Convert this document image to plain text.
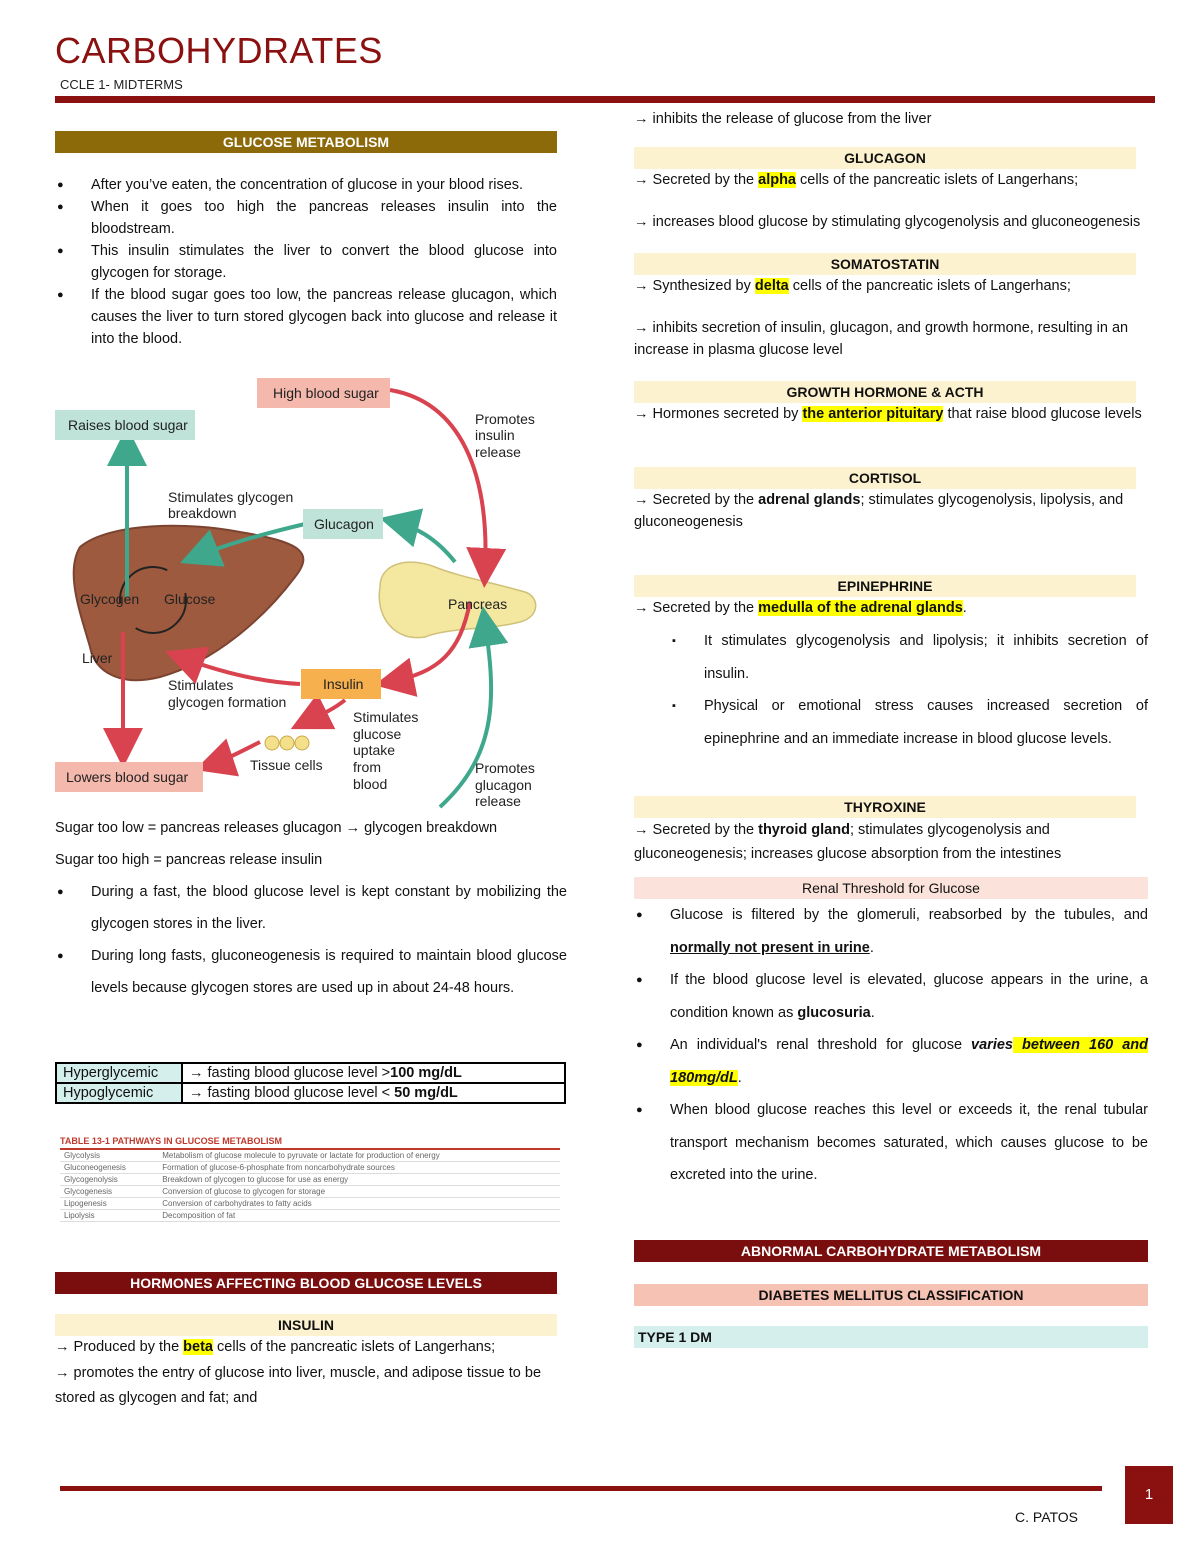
CARBOHYDRATES
CCLE 1- MIDTERMS
GLUCOSE METABOLISM
● After you’ve eaten, the concentration of glucose in your blood rises.
● When it goes too high the pancreas releases insulin into the bloodstream.
● This insulin stimulates the liver to convert the blood glucose into glycogen for storage.
● If the blood sugar goes too low, the pancreas release glucagon, which causes the liver to turn stored glycogen back into glucose and release it into the blood.
High blood sugar
Raises blood sugar
Glucagon
Insulin
Lowers blood sugar
Pancreas
Glycogen Glucose
Liver
Tissue cells
Promotes
insulin
release
Stimulates glycogen
breakdown
Stimulates
glycogen formation
Stimulates
glucose
uptake
from
blood
Promotes
glucagon
release
Sugar too low = pancreas releases glucagon → glycogen breakdown
Sugar too high = pancreas release insulin
● During a fast, the blood glucose level is kept constant by mobilizing the glycogen stores in the liver.
● During long fasts, gluconeogenesis is required to maintain blood glucose levels because glycogen stores are used up in about 24-48 hours.
Hyperglycemic	→ fasting blood glucose level >100 mg/dL
Hypoglycemic	→ fasting blood glucose level < 50 mg/dL
TABLE 13-1 PATHWAYS IN GLUCOSE METABOLISM
Glycolysis	Metabolism of glucose molecule to pyruvate or lactate for production of energy
Gluconeogenesis	Formation of glucose-6-phosphate from noncarbohydrate sources
Glycogenolysis	Breakdown of glycogen to glucose for use as energy
Glycogenesis	Conversion of glucose to glycogen for storage
Lipogenesis	Conversion of carbohydrates to fatty acids
Lipolysis	Decomposition of fat
HORMONES AFFECTING BLOOD GLUCOSE LEVELS
INSULIN
→ Produced by the beta cells of the pancreatic islets of Langerhans;
→ promotes the entry of glucose into liver, muscle, and adipose tissue to be stored as glycogen and fat; and
→ inhibits the release of glucose from the liver
GLUCAGON
→ Secreted by the alpha cells of the pancreatic islets of Langerhans;
→ increases blood glucose by stimulating glycogenolysis and gluconeogenesis
SOMATOSTATIN
→ Synthesized by delta cells of the pancreatic islets of Langerhans;
→ inhibits secretion of insulin, glucagon, and growth hormone, resulting in an increase in plasma glucose level
GROWTH HORMONE & ACTH
→ Hormones secreted by the anterior pituitary that raise blood glucose levels
CORTISOL
→ Secreted by the adrenal glands; stimulates glycogenolysis, lipolysis, and gluconeogenesis
EPINEPHRINE
→ Secreted by the medulla of the adrenal glands.
▪ It stimulates glycogenolysis and lipolysis; it inhibits secretion of insulin.
▪ Physical or emotional stress causes increased secretion of epinephrine and an immediate increase in blood glucose levels.
THYROXINE
→ Secreted by the thyroid gland; stimulates glycogenolysis and gluconeogenesis; increases glucose absorption from the intestines
Renal Threshold for Glucose
● Glucose is filtered by the glomeruli, reabsorbed by the tubules, and normally not present in urine.
● If the blood glucose level is elevated, glucose appears in the urine, a condition known as glucosuria.
● An individual's renal threshold for glucose varies between 160 and 180mg/dL.
● When blood glucose reaches this level or exceeds it, the renal tubular transport mechanism becomes saturated, which causes glucose to be excreted into the urine.
ABNORMAL CARBOHYDRATE METABOLISM
DIABETES MELLITUS CLASSIFICATION
TYPE 1 DM
1
C. PATOS
